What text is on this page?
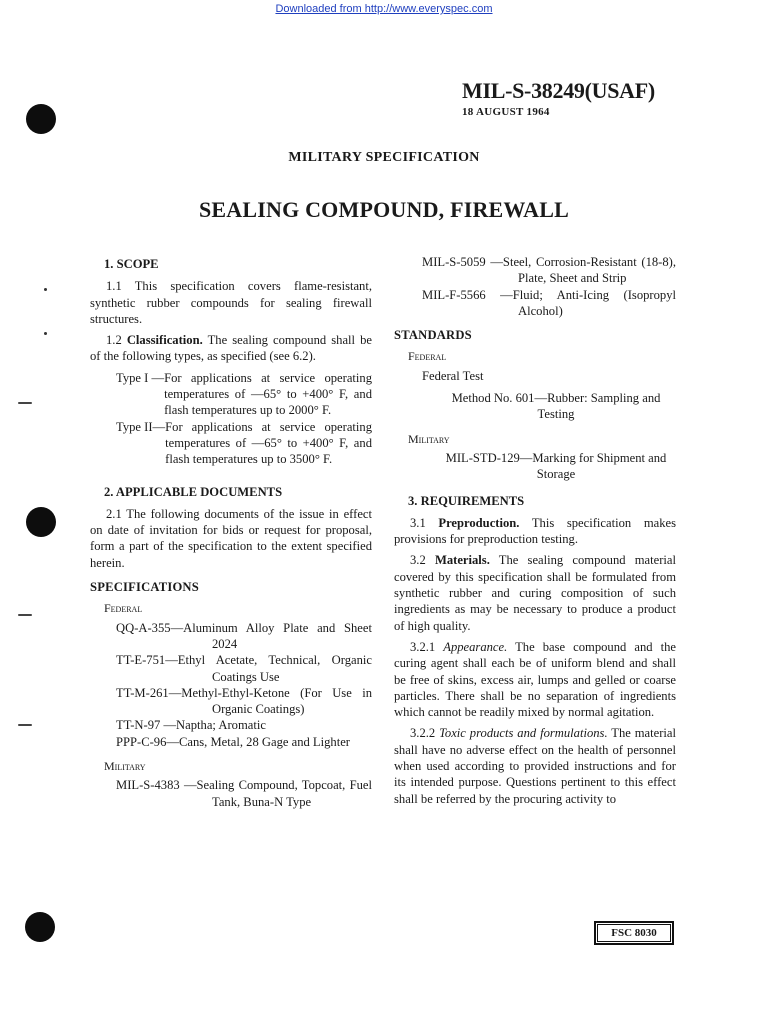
Downloaded from http://www.everyspec.com
MIL-S-38249(USAF)
18 AUGUST 1964
MILITARY SPECIFICATION
SEALING COMPOUND, FIREWALL
1. SCOPE

1.1 This specification covers flame-resistant, synthetic rubber compounds for sealing firewall structures.

1.2 Classification. The sealing compound shall be of the following types, as specified (see 6.2).

Type I — For applications at service operating temperatures of —65° to +400° F, and flash temperatures up to 2000° F.
Type II— For applications at service operating temperatures of —65° to +400° F, and flash temperatures up to 3500° F.
2. APPLICABLE DOCUMENTS

2.1 The following documents of the issue in effect on date of invitation for bids or request for proposal, form a part of the specification to the extent specified herein.

SPECIFICATIONS
Federal

QQ-A-355—Aluminum Alloy Plate and Sheet 2024

TT-E-751—Ethyl Acetate, Technical, Organic Coatings Use

TT-M-261—Methyl-Ethyl-Ketone (For Use in Organic Coatings)

TT-N-97 —Naptha; Aromatic

PPP-C-96—Cans, Metal, 28 Gage and Lighter

Military

MIL-S-4383 —Sealing Compound, Topcoat, Fuel Tank, Buna-N Type

MIL-S-5059 —Steel, Corrosion-Resistant (18-8), Plate, Sheet and Strip

MIL-F-5566 —Fluid; Anti-Icing (Isopropyl Alcohol)

STANDARDS
Federal
Federal Test
Method No. 601—Rubber: Sampling and Testing
Military
MIL-STD-129—Marking for Shipment and Storage
3. REQUIREMENTS

3.1 Preproduction. This specification makes provisions for preproduction testing.

3.2 Materials. The sealing compound material covered by this specification shall be formulated from synthetic rubber and curing composition of such ingredients as may be necessary to produce a product of high quality.

3.2.1 Appearance. The base compound and the curing agent shall each be of uniform blend and shall be free of skins, excess air, lumps and gelled or coarse particles. There shall be no separation of ingredients which cannot be readily mixed by normal agitation.

3.2.2 Toxic products and formulations. The material shall have no adverse effect on the health of personnel when used according to provided instructions and for its intended purpose. Questions pertinent to this effect shall be referred by the procuring activity to

FSC 8030
